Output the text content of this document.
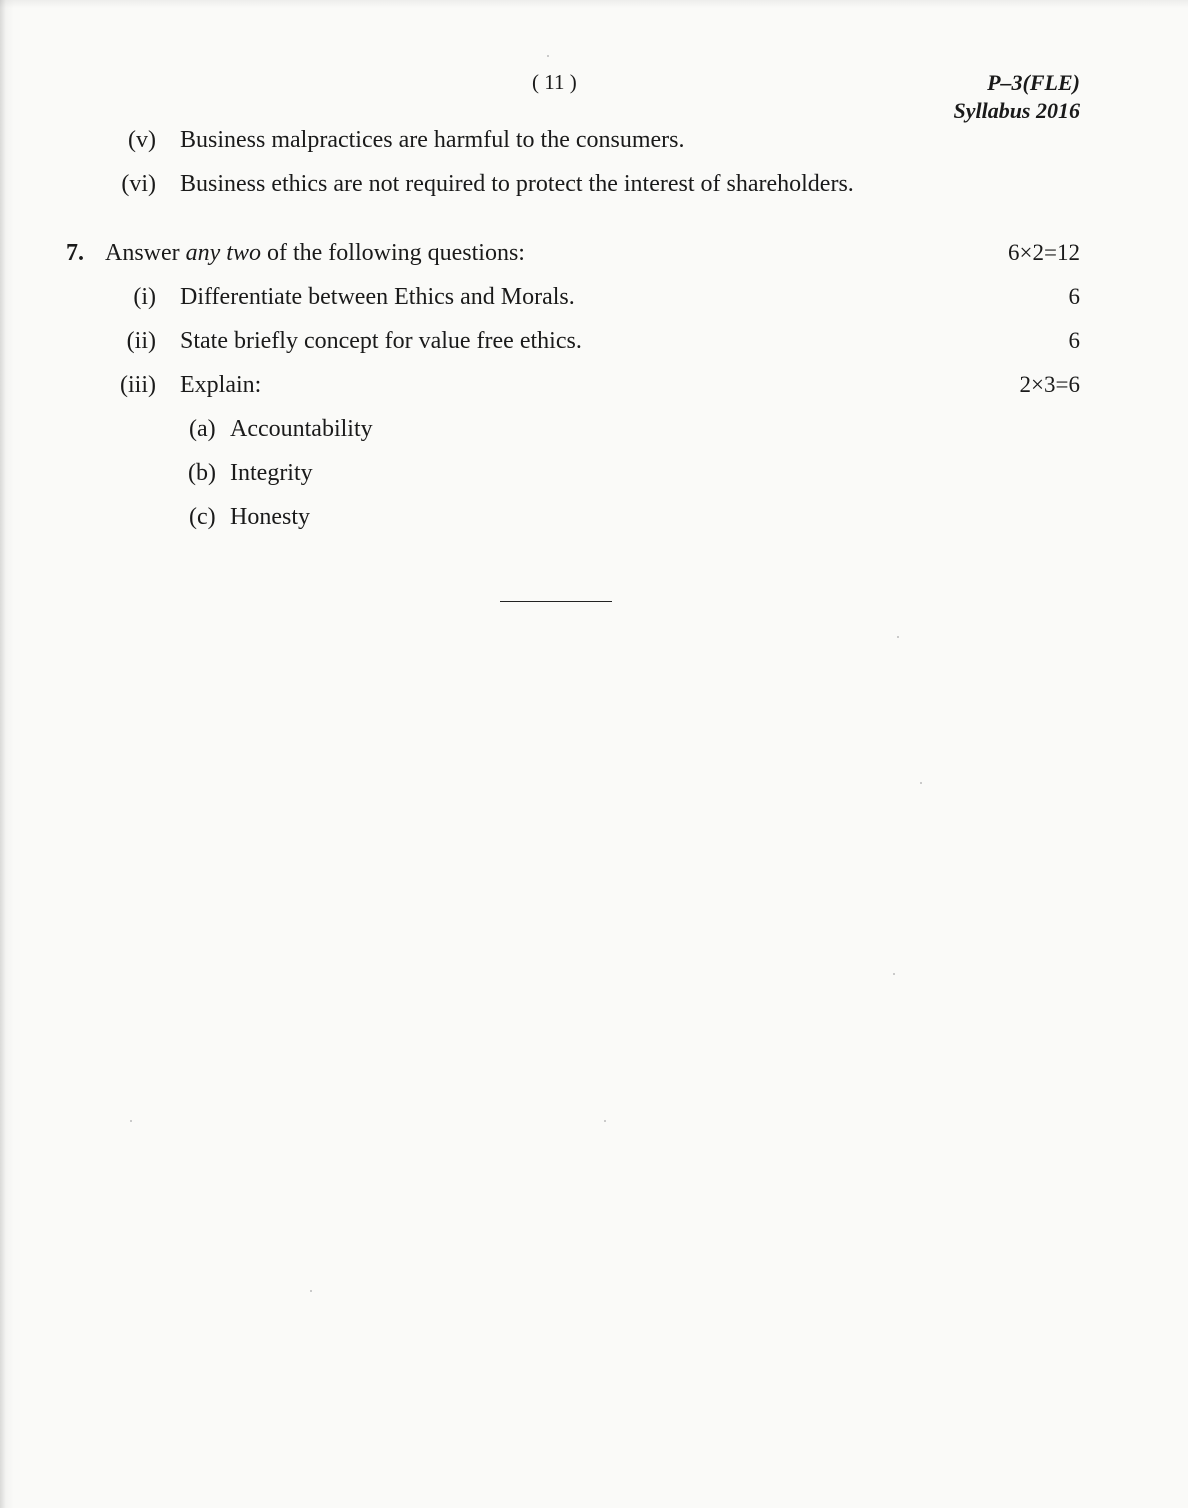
( 11 )	P–3(FLE)
Syllabus 2016
(v) Business malpractices are harmful to the consumers.
(vi) Business ethics are not required to protect the interest of shareholders.
7. Answer any two of the following questions:	6×2=12
(i) Differentiate between Ethics and Morals.	6
(ii) State briefly concept for value free ethics.	6
(iii) Explain:	2×3=6
(a) Accountability
(b) Integrity
(c) Honesty
